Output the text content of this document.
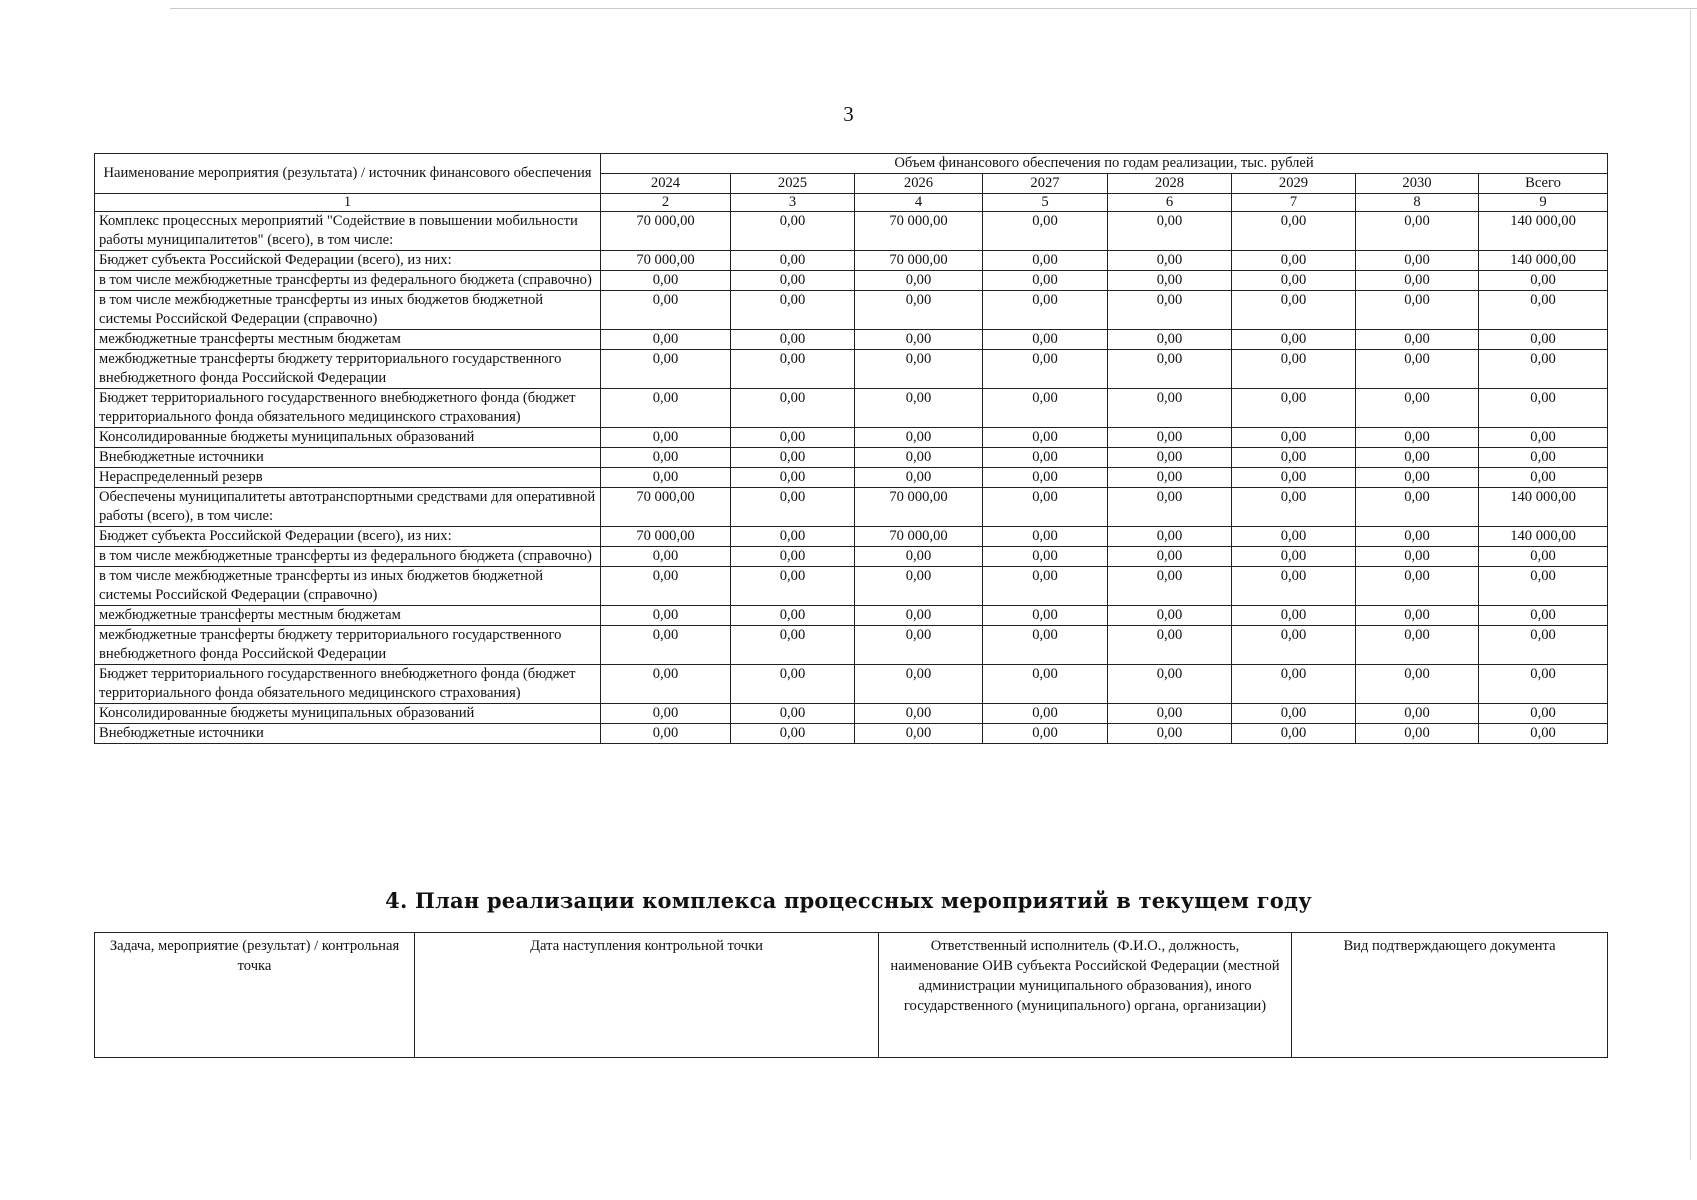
3
Наименование мероприятия (результата) / источник финансового обеспечения	Объем финансового обеспечения по годам реализации, тыс. рублей							
	2024	2025	2026	2027	2028	2029	2030	Всего
1	2	3	4	5	6	7	8	9
Комплекс процессных мероприятий "Содействие в повышении мобильности работы муниципалитетов" (всего), в том числе:	70 000,00	0,00	70 000,00	0,00	0,00	0,00	0,00	140 000,00
Бюджет субъекта Российской Федерации (всего), из них:	70 000,00	0,00	70 000,00	0,00	0,00	0,00	0,00	140 000,00
в том числе межбюджетные трансферты из федерального бюджета (справочно)	0,00	0,00	0,00	0,00	0,00	0,00	0,00	0,00
в том числе межбюджетные трансферты из иных бюджетов бюджетной системы Российской Федерации (справочно)	0,00	0,00	0,00	0,00	0,00	0,00	0,00	0,00
межбюджетные трансферты местным бюджетам	0,00	0,00	0,00	0,00	0,00	0,00	0,00	0,00
межбюджетные трансферты бюджету территориального государственного внебюджетного фонда Российской Федерации	0,00	0,00	0,00	0,00	0,00	0,00	0,00	0,00
Бюджет территориального государственного внебюджетного фонда (бюджет территориального фонда обязательного медицинского страхования)	0,00	0,00	0,00	0,00	0,00	0,00	0,00	0,00
Консолидированные бюджеты муниципальных образований	0,00	0,00	0,00	0,00	0,00	0,00	0,00	0,00
Внебюджетные источники	0,00	0,00	0,00	0,00	0,00	0,00	0,00	0,00
Нераспределенный резерв	0,00	0,00	0,00	0,00	0,00	0,00	0,00	0,00
Обеспечены муниципалитеты автотранспортными средствами для оперативной работы (всего), в том числе:	70 000,00	0,00	70 000,00	0,00	0,00	0,00	0,00	140 000,00
Бюджет субъекта Российской Федерации (всего), из них:	70 000,00	0,00	70 000,00	0,00	0,00	0,00	0,00	140 000,00
в том числе межбюджетные трансферты из федерального бюджета (справочно)	0,00	0,00	0,00	0,00	0,00	0,00	0,00	0,00
в том числе межбюджетные трансферты из иных бюджетов бюджетной системы Российской Федерации (справочно)	0,00	0,00	0,00	0,00	0,00	0,00	0,00	0,00
межбюджетные трансферты местным бюджетам	0,00	0,00	0,00	0,00	0,00	0,00	0,00	0,00
межбюджетные трансферты бюджету территориального государственного внебюджетного фонда Российской Федерации	0,00	0,00	0,00	0,00	0,00	0,00	0,00	0,00
Бюджет территориального государственного внебюджетного фонда (бюджет территориального фонда обязательного медицинского страхования)	0,00	0,00	0,00	0,00	0,00	0,00	0,00	0,00
Консолидированные бюджеты муниципальных образований	0,00	0,00	0,00	0,00	0,00	0,00	0,00	0,00
Внебюджетные источники	0,00	0,00	0,00	0,00	0,00	0,00	0,00	0,00
4. План реализации комплекса процессных мероприятий в текущем году
Задача, мероприятие (результат) / контрольная точка	Дата наступления контрольной точки	Ответственный исполнитель (Ф.И.О., должность, наименование ОИВ субъекта Российской Федерации (местной администрации муниципального образования), иного государственного (муниципального) органа, организации)	Вид подтверждающего документа
